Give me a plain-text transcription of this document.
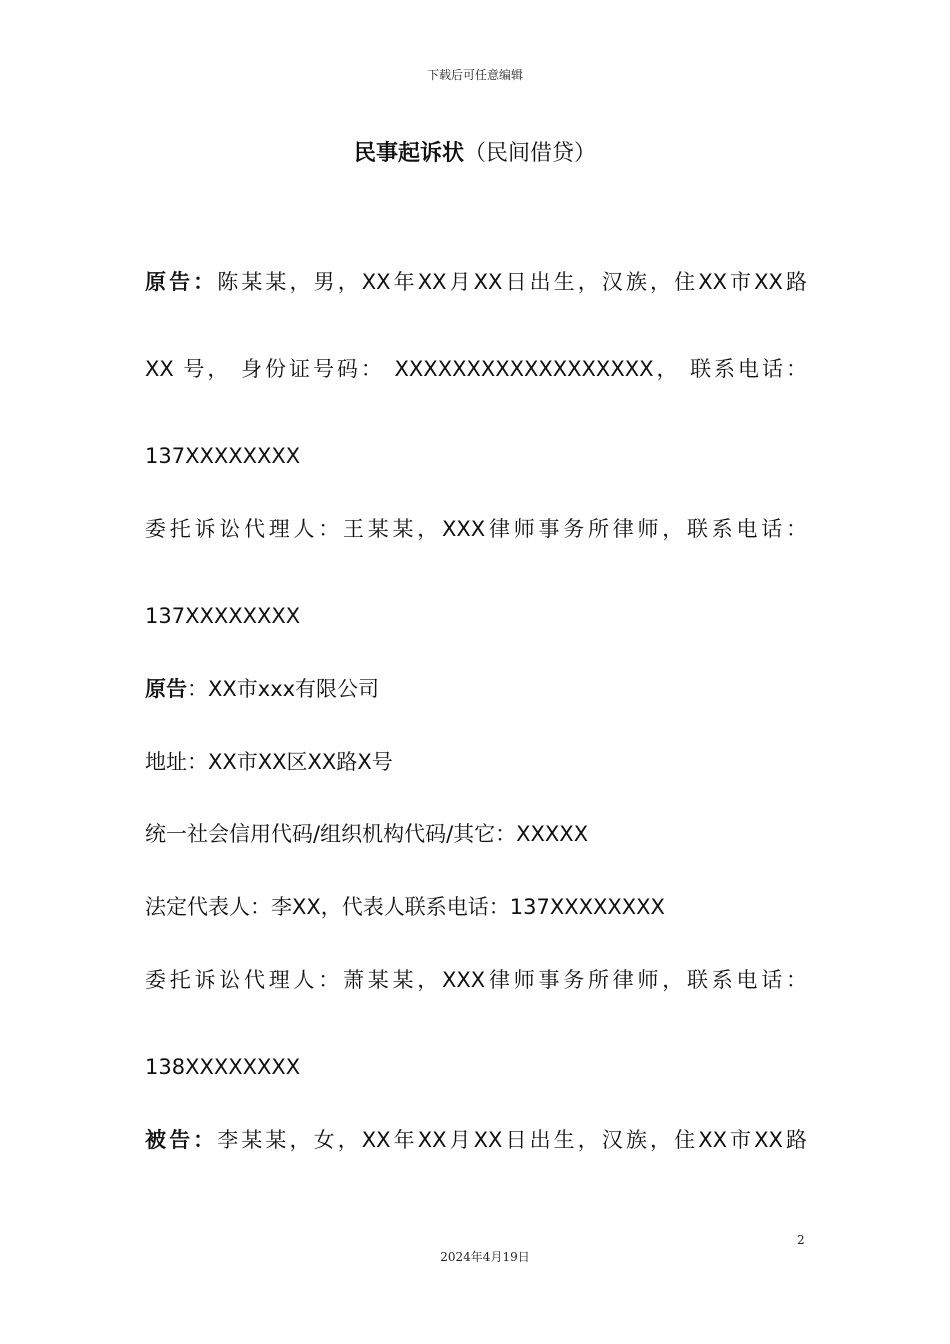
下载后可任意编辑
民事起诉状（民间借贷）
原告：陈某某，男，XX年XX月XX日出生，汉族，住XX市XX路
XX 号， 身份证号码： XXXXXXXXXXXXXXXXXX， 联系电话：
137XXXXXXXX
委托诉讼代理人：王某某，XXX律师事务所律师，联系电话：
137XXXXXXXX
原告：XX市xxx有限公司
地址：XX市XX区XX路X号
统一社会信用代码/组织机构代码/其它：XXXXX
法定代表人：李XX，代表人联系电话：137XXXXXXXX
委托诉讼代理人：萧某某，XXX律师事务所律师，联系电话：
138XXXXXXXX
被告：李某某，女，XX年XX月XX日出生，汉族，住XX市XX路
2
2024年4月19日
